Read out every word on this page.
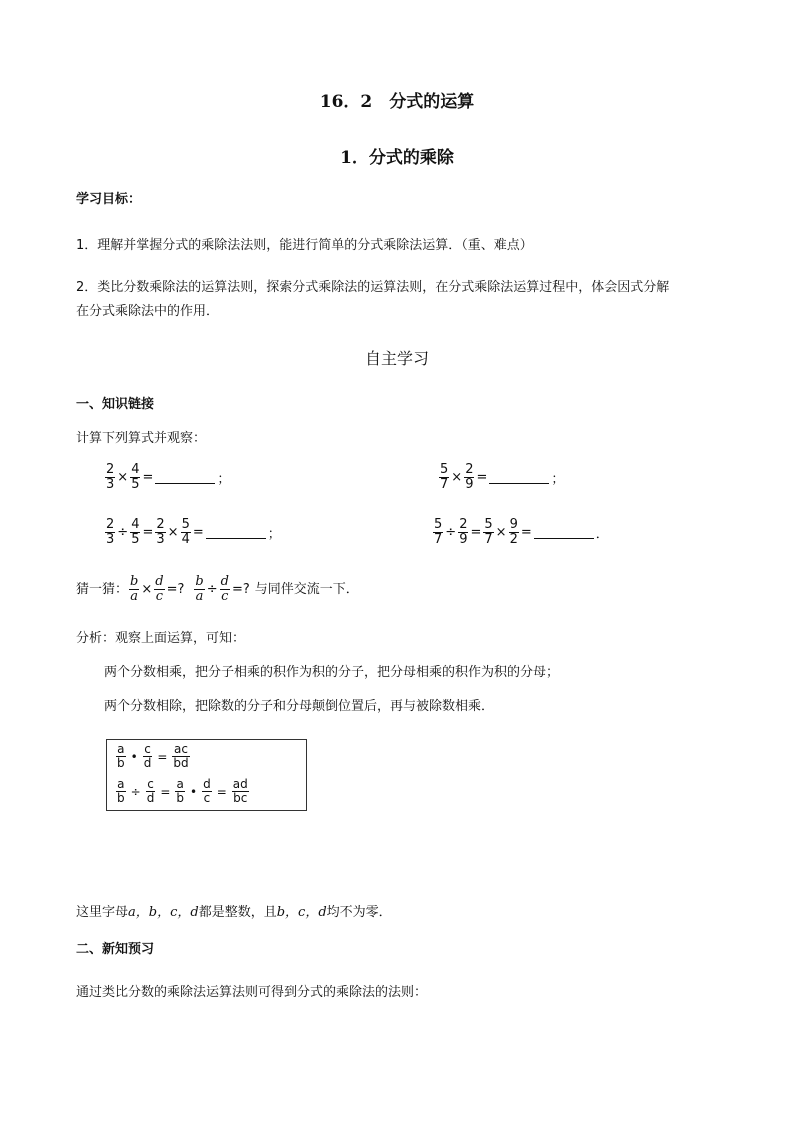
16．2　分式的运算
1．分式的乘除
学习目标：
1．理解并掌握分式的乘除法法则，能进行简单的分式乘除法运算．（重、难点）
2．类比分数乘除法的运算法则，探索分式乘除法的运算法则，在分式乘除法运算过程中，体会因式分解
在分式乘除法中的作用．
自主学习
一、知识链接
计算下列算式并观察：
$\frac{2}{3} \times \frac{4}{5}$ =	；	$\frac{5}{7} \times \frac{2}{9}$ =	；
$\frac{2}{3} \div \frac{4}{5} = \frac{2}{3} \times \frac{5}{4}$ =	；	$\frac{5}{7} \div \frac{2}{9} = \frac{5}{7} \times \frac{9}{2}$ =	．
猜一猜： $\frac{b}{a} \times \frac{d}{c}$ =? $\frac{b}{a} \div \frac{d}{c}$ =? 与同伴交流一下．
分析：观察上面运算，可知：
两个分数相乘，把分子相乘的积作为积的分子，把分母相乘的积作为积的分母；
两个分数相除，把除数的分子和分母颠倒位置后，再与被除数相乘．
$\frac{a}{b}$ • $\frac{c}{d} = \frac{ac}{bd}$
$\frac{a}{b} \div \frac{c}{d} = \frac{a}{b}$ • $\frac{d}{c} = \frac{ad}{bc}$
这里字母a，b，c，d都是整数，且b，c，d均不为零．
二、新知预习
通过类比分数的乘除法运算法则可得到分式的乘除法的法则：
